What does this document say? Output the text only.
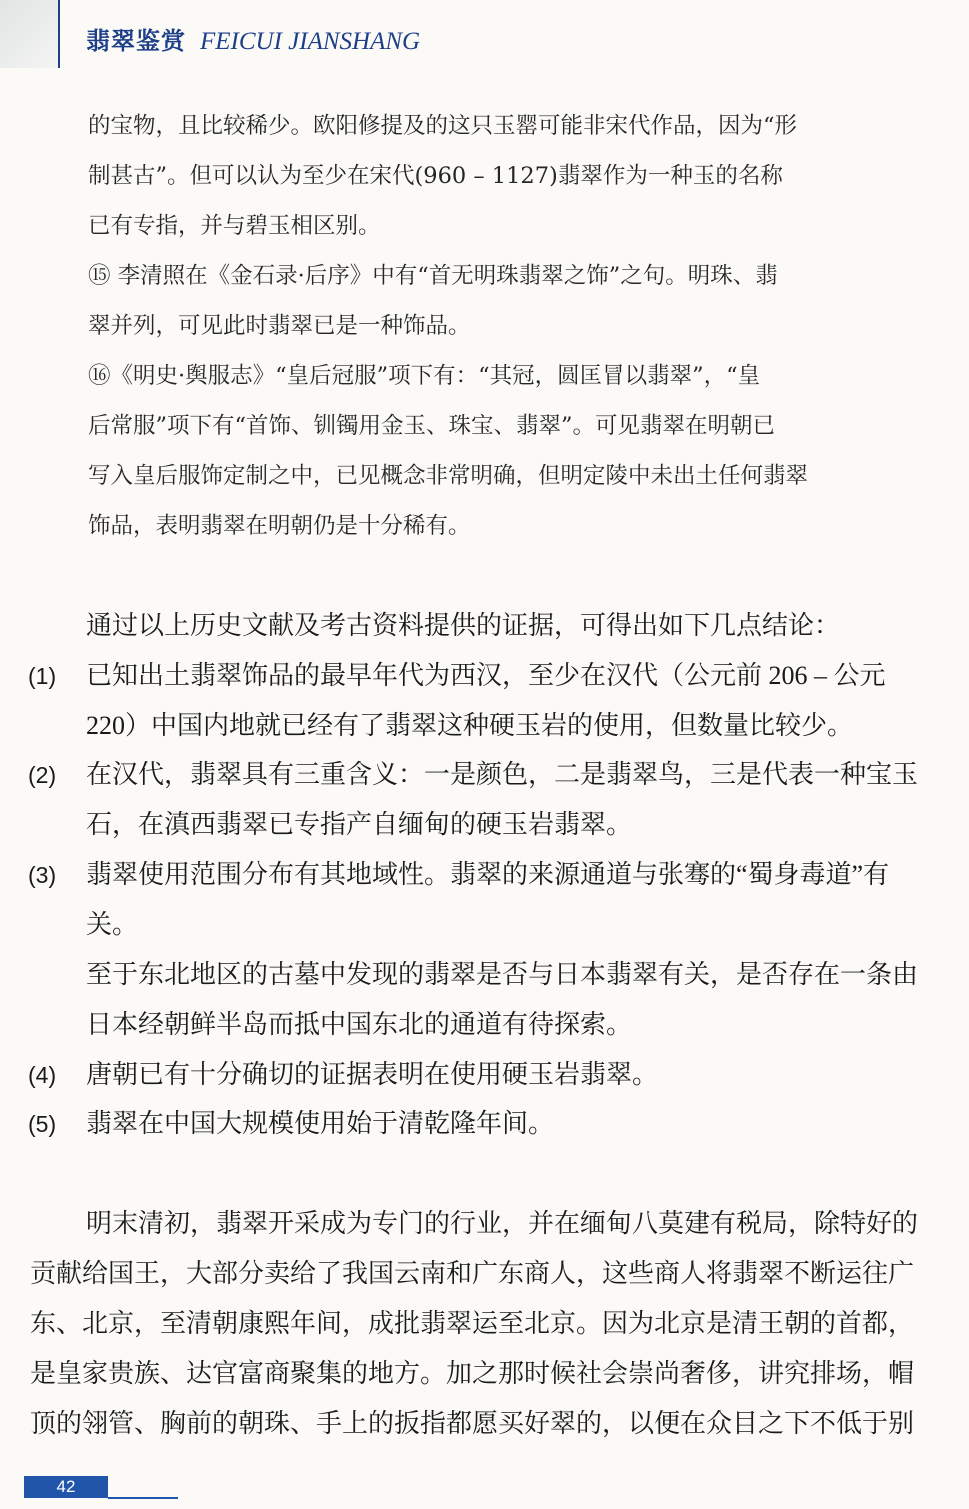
翡翠鉴赏 FEICUI JIANSHANG
的宝物，且比较稀少。欧阳修提及的这只玉罂可能非宋代作品，因为“形
制甚古”。但可以认为至少在宋代(960 – 1127)翡翠作为一种玉的名称
已有专指，并与碧玉相区别。
⑮ 李清照在《金石录·后序》中有“首无明珠翡翠之饰”之句。明珠、翡
翠并列，可见此时翡翠已是一种饰品。
⑯《明史·舆服志》“皇后冠服”项下有：“其冠，圆匡冒以翡翠”，“皇
后常服”项下有“首饰、钏镯用金玉、珠宝、翡翠”。可见翡翠在明朝已
写入皇后服饰定制之中，已见概念非常明确，但明定陵中未出土任何翡翠
饰品，表明翡翠在明朝仍是十分稀有。
通过以上历史文献及考古资料提供的证据，可得出如下几点结论：
(1) 已知出土翡翠饰品的最早年代为西汉，至少在汉代（公元前 206 – 公元
220）中国内地就已经有了翡翠这种硬玉岩的使用，但数量比较少。
(2) 在汉代，翡翠具有三重含义：一是颜色，二是翡翠鸟，三是代表一种宝玉
石，在滇西翡翠已专指产自缅甸的硬玉岩翡翠。
(3) 翡翠使用范围分布有其地域性。翡翠的来源通道与张骞的“蜀身毒道”有
关。
至于东北地区的古墓中发现的翡翠是否与日本翡翠有关，是否存在一条由
日本经朝鲜半岛而抵中国东北的通道有待探索。
(4) 唐朝已有十分确切的证据表明在使用硬玉岩翡翠。
(5) 翡翠在中国大规模使用始于清乾隆年间。
明末清初，翡翠开采成为专门的行业，并在缅甸八莫建有税局，除特好的
贡献给国王，大部分卖给了我国云南和广东商人，这些商人将翡翠不断运往广
东、北京，至清朝康熙年间，成批翡翠运至北京。因为北京是清王朝的首都，
是皇家贵族、达官富商聚集的地方。加之那时候社会崇尚奢侈，讲究排场，帽
顶的翎管、胸前的朝珠、手上的扳指都愿买好翠的，以便在众目之下不低于别
42
